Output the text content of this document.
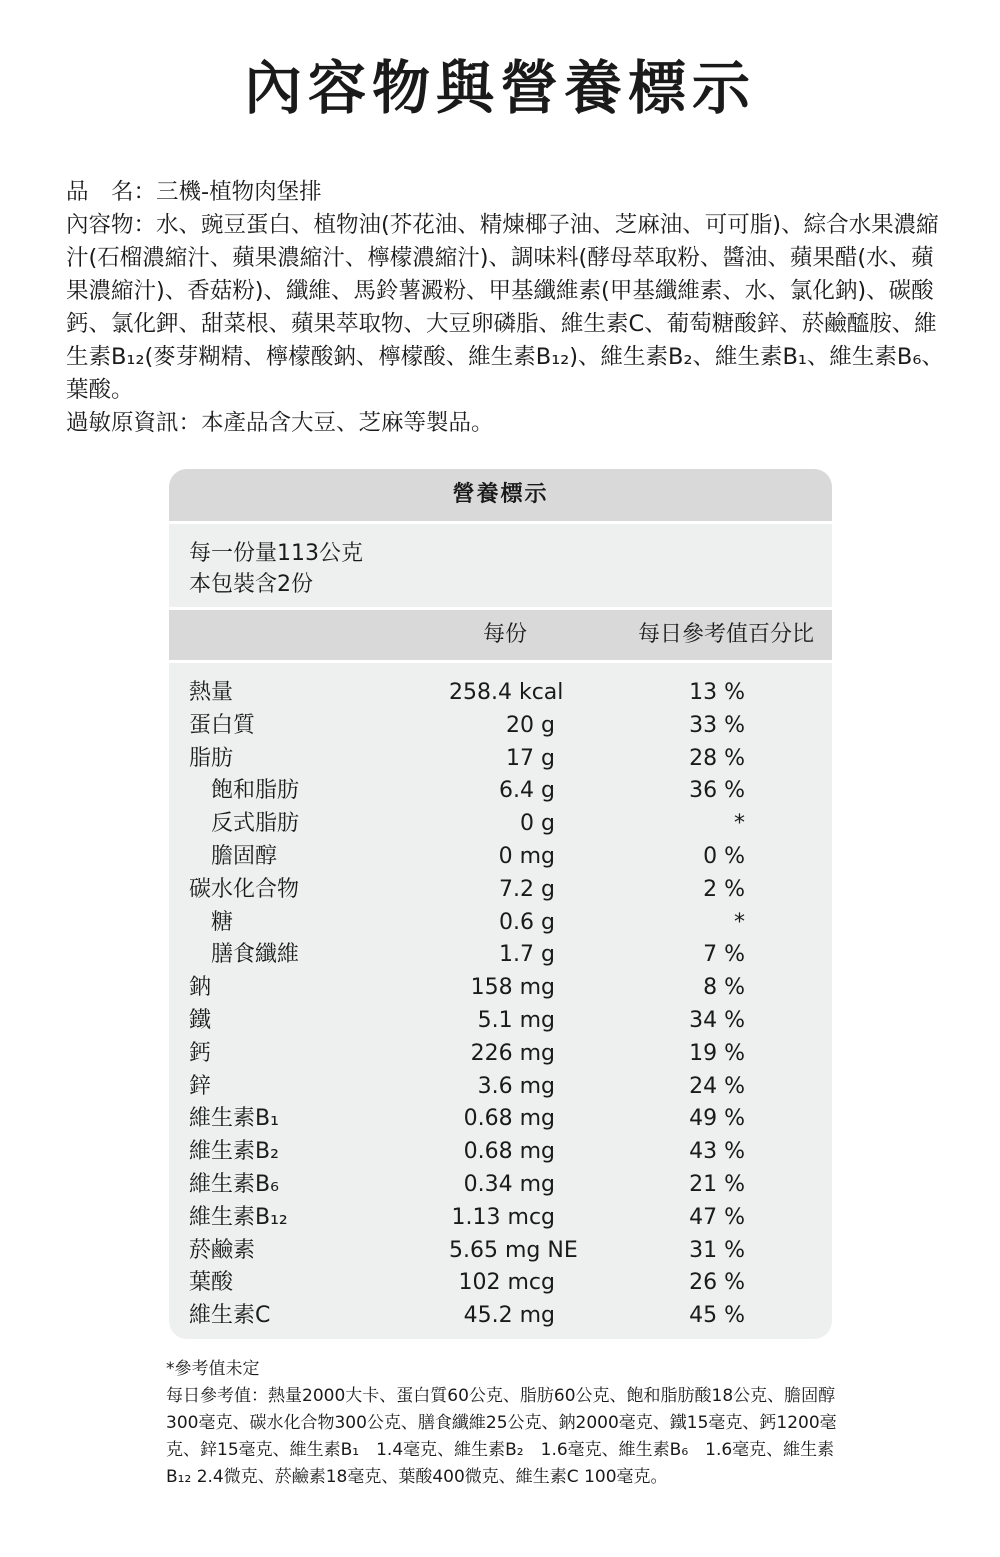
內容物與營養標示

品　名：三機-植物肉堡排

內容物：水、豌豆蛋白、植物油(芥花油、精煉椰子油、芝麻油、可可脂)、綜合水果濃縮汁(石榴濃縮汁、蘋果濃縮汁、檸檬濃縮汁)、調味料(酵母萃取粉、醬油、蘋果醋(水、蘋果濃縮汁)、香菇粉)、纖維、馬鈴薯澱粉、甲基纖維素(甲基纖維素、水、氯化鈉)、碳酸鈣、氯化鉀、甜菜根、蘋果萃取物、大豆卵磷脂、維生素C、葡萄糖酸鋅、菸鹼醯胺、維生素B₁₂(麥芽糊精、檸檬酸鈉、檸檬酸、維生素B₁₂)、維生素B₂、維生素B₁、維生素B₆、葉酸。

過敏原資訊：本產品含大豆、芝麻等製品。

營養標示
每一份量113公克
本包裝含2份
每份	每日參考值百分比
熱量	258.4 kcal	13 %
蛋白質	20 g	33 %
脂肪	17 g	28 %
飽和脂肪	6.4 g	36 %
反式脂肪	0 g	*
膽固醇	0 mg	0 %
碳水化合物	7.2 g	2 %
糖	0.6 g	*
膳食纖維	1.7 g	7 %
鈉	158 mg	8 %
鐵	5.1 mg	34 %
鈣	226 mg	19 %
鋅	3.6 mg	24 %
維生素B₁	0.68 mg	49 %
維生素B₂	0.68 mg	43 %
維生素B₆	0.34 mg	21 %
維生素B₁₂	1.13 mcg	47 %
菸鹼素	5.65 mg NE	31 %
葉酸	102 mcg	26 %
維生素C	45.2 mg	45 %

*參考值未定

每日參考值：熱量2000大卡、蛋白質60公克、脂肪60公克、飽和脂肪酸18公克、膽固醇300毫克、碳水化合物300公克、膳食纖維25公克、鈉2000毫克、鐵15毫克、鈣1200毫克、鋅15毫克、維生素B₁　1.4毫克、維生素B₂　1.6毫克、維生素B₆　1.6毫克、維生素B₁₂ 2.4微克、菸鹼素18毫克、葉酸400微克、維生素C 100毫克。
